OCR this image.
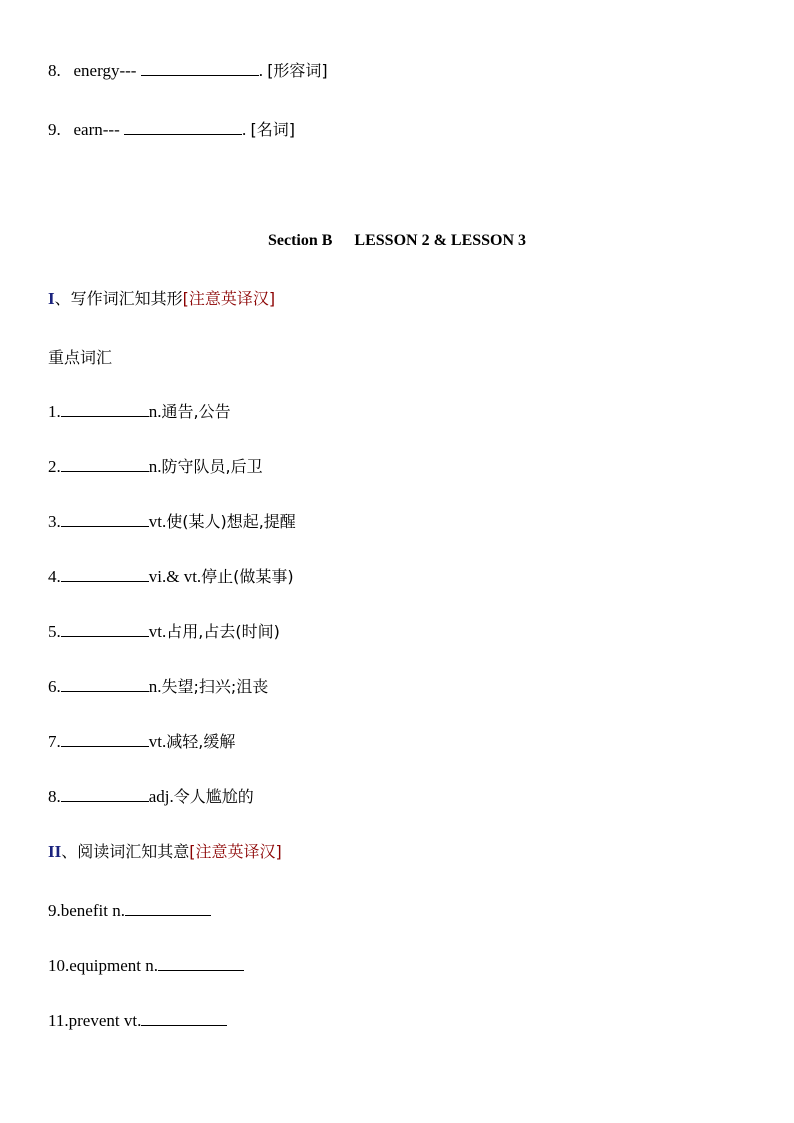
8. energy---	. [形容词]
9. earn---	. [名词]
Section B LESSON 2 & LESSON 3
I、写作词汇知其形[注意英译汉]
重点词汇
1.	n.通告,公告
2.	n.防守队员,后卫
3.	vt.使(某人)想起,提醒
4.	vi.& vt.停止(做某事)
5.	vt.占用,占去(时间)
6.	n.失望;扫兴;沮丧
7.	vt.减轻,缓解
8.	adj.令人尴尬的
II、阅读词汇知其意[注意英译汉]
9.benefit n.
10.equipment n.
11.prevent vt.
